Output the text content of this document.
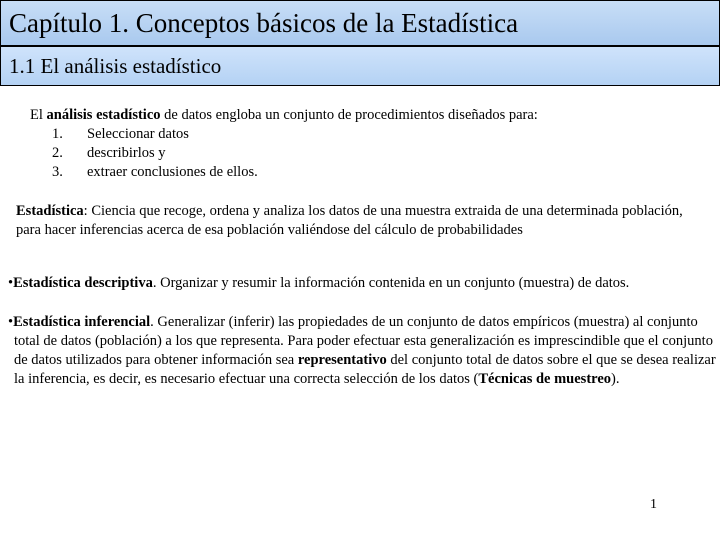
Capítulo 1. Conceptos básicos de la Estadística
1.1 El análisis estadístico
El análisis estadístico de datos engloba un conjunto de procedimientos diseñados para:
1. Seleccionar datos
2. describirlos y
3. extraer conclusiones de ellos.
Estadística: Ciencia que recoge, ordena y analiza los datos de una muestra extraida de una determinada población, para hacer inferencias acerca de esa población valiéndose del cálculo de probabilidades
•Estadística descriptiva. Organizar y resumir la información contenida en un conjunto (muestra) de datos.
•Estadística inferencial. Generalizar (inferir) las propiedades de un conjunto de datos empíricos (muestra) al conjunto total de datos (población) a los que representa. Para poder efectuar esta generalización es imprescindible que el conjunto de datos utilizados para obtener información sea representativo del conjunto total de datos sobre el que se desea realizar la inferencia, es decir, es necesario efectuar una correcta selección de los datos (Técnicas de muestreo).
1
